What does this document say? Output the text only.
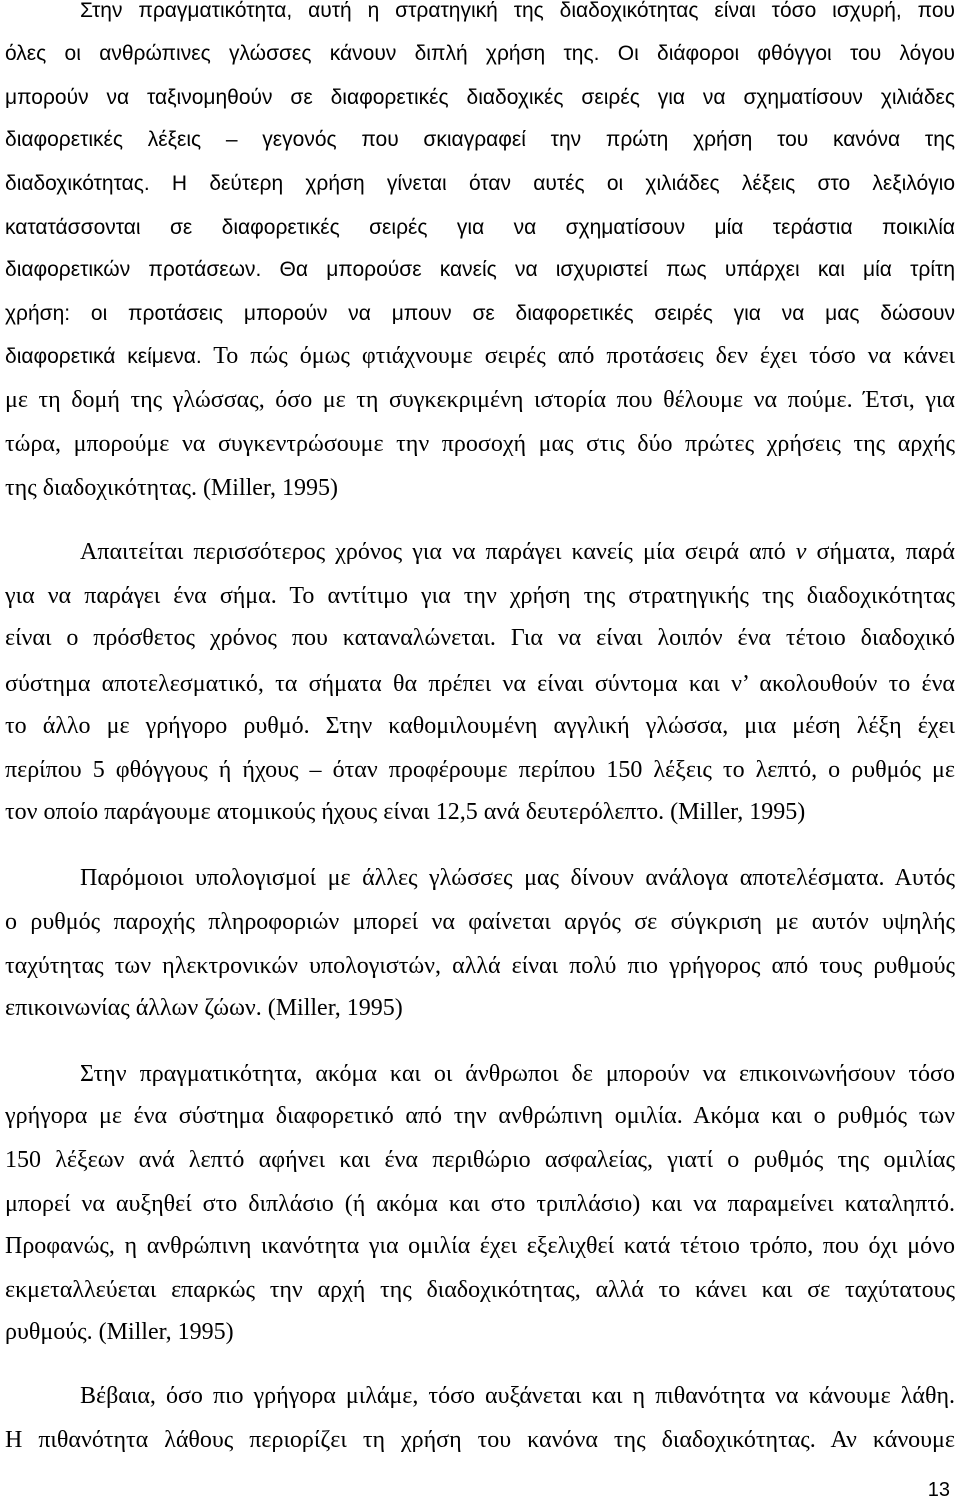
Στην πραγματικότητα, αυτή η στρατηγική της διαδοχικότητας είναι τόσο ισχυρή, που
όλες οι ανθρώπινες γλώσσες κάνουν διπλή χρήση της. Οι διάφοροι φθόγγοι του λόγου
μπορούν να ταξινομηθούν σε διαφορετικές διαδοχικές σειρές για να σχηματίσουν χιλιάδες
διαφορετικές λέξεις – γεγονός που σκιαγραφεί την πρώτη χρήση του κανόνα της
διαδοχικότητας. Η δεύτερη χρήση γίνεται όταν αυτές οι χιλιάδες λέξεις στο λεξιλόγιο
κατατάσσονται σε διαφορετικές σειρές για να σχηματίσουν μία τεράστια ποικιλία
διαφορετικών προτάσεων. Θα μπορούσε κανείς να ισχυριστεί πως υπάρχει και μία τρίτη
χρήση: οι προτάσεις μπορούν να μπουν σε διαφορετικές σειρές για να μας δώσουν
διαφορετικά κείμενα. Το πώς όμως φτιάχνουμε σειρές από προτάσεις δεν έχει τόσο να κάνει
με τη δομή της γλώσσας, όσο με τη συγκεκριμένη ιστορία που θέλουμε να πούμε. Έτσι, για
τώρα, μπορούμε να συγκεντρώσουμε την προσοχή μας στις δύο πρώτες χρήσεις της αρχής
της διαδοχικότητας. (Miller, 1995)
Απαιτείται περισσότερος χρόνος για να παράγει κανείς μία σειρά από ν σήματα, παρά
για να παράγει ένα σήμα. Το αντίτιμο για την χρήση της στρατηγικής της διαδοχικότητας
είναι ο πρόσθετος χρόνος που καταναλώνεται. Για να είναι λοιπόν ένα τέτοιο διαδοχικό
σύστημα αποτελεσματικό, τα σήματα θα πρέπει να είναι σύντομα και ν’ ακολουθούν το ένα
το άλλο με γρήγορο ρυθμό. Στην καθομιλουμένη αγγλική γλώσσα, μια μέση λέξη έχει
περίπου 5 φθόγγους ή ήχους – όταν προφέρουμε περίπου 150 λέξεις το λεπτό, ο ρυθμός με
τον οποίο παράγουμε ατομικούς ήχους είναι 12,5 ανά δευτερόλεπτο. (Miller, 1995)
Παρόμοιοι υπολογισμοί με άλλες γλώσσες μας δίνουν ανάλογα αποτελέσματα. Αυτός
ο ρυθμός παροχής πληροφοριών μπορεί να φαίνεται αργός σε σύγκριση με αυτόν υψηλής
ταχύτητας των ηλεκτρονικών υπολογιστών, αλλά είναι πολύ πιο γρήγορος από τους ρυθμούς
επικοινωνίας άλλων ζώων. (Miller, 1995)
Στην πραγματικότητα, ακόμα και οι άνθρωποι δε μπορούν να επικοινωνήσουν τόσο
γρήγορα με ένα σύστημα διαφορετικό από την ανθρώπινη ομιλία. Ακόμα και ο ρυθμός των
150 λέξεων ανά λεπτό αφήνει και ένα περιθώριο ασφαλείας, γιατί ο ρυθμός της ομιλίας
μπορεί να αυξηθεί στο διπλάσιο (ή ακόμα και στο τριπλάσιο) και να παραμείνει καταληπτό.
Προφανώς, η ανθρώπινη ικανότητα για ομιλία έχει εξελιχθεί κατά τέτοιο τρόπο, που όχι μόνο
εκμεταλλεύεται επαρκώς την αρχή της διαδοχικότητας, αλλά το κάνει και σε ταχύτατους
ρυθμούς. (Miller, 1995)
Βέβαια, όσο πιο γρήγορα μιλάμε, τόσο αυξάνεται και η πιθανότητα να κάνουμε λάθη.
Η πιθανότητα λάθους περιορίζει τη χρήση του κανόνα της διαδοχικότητας. Αν κάνουμε
13
